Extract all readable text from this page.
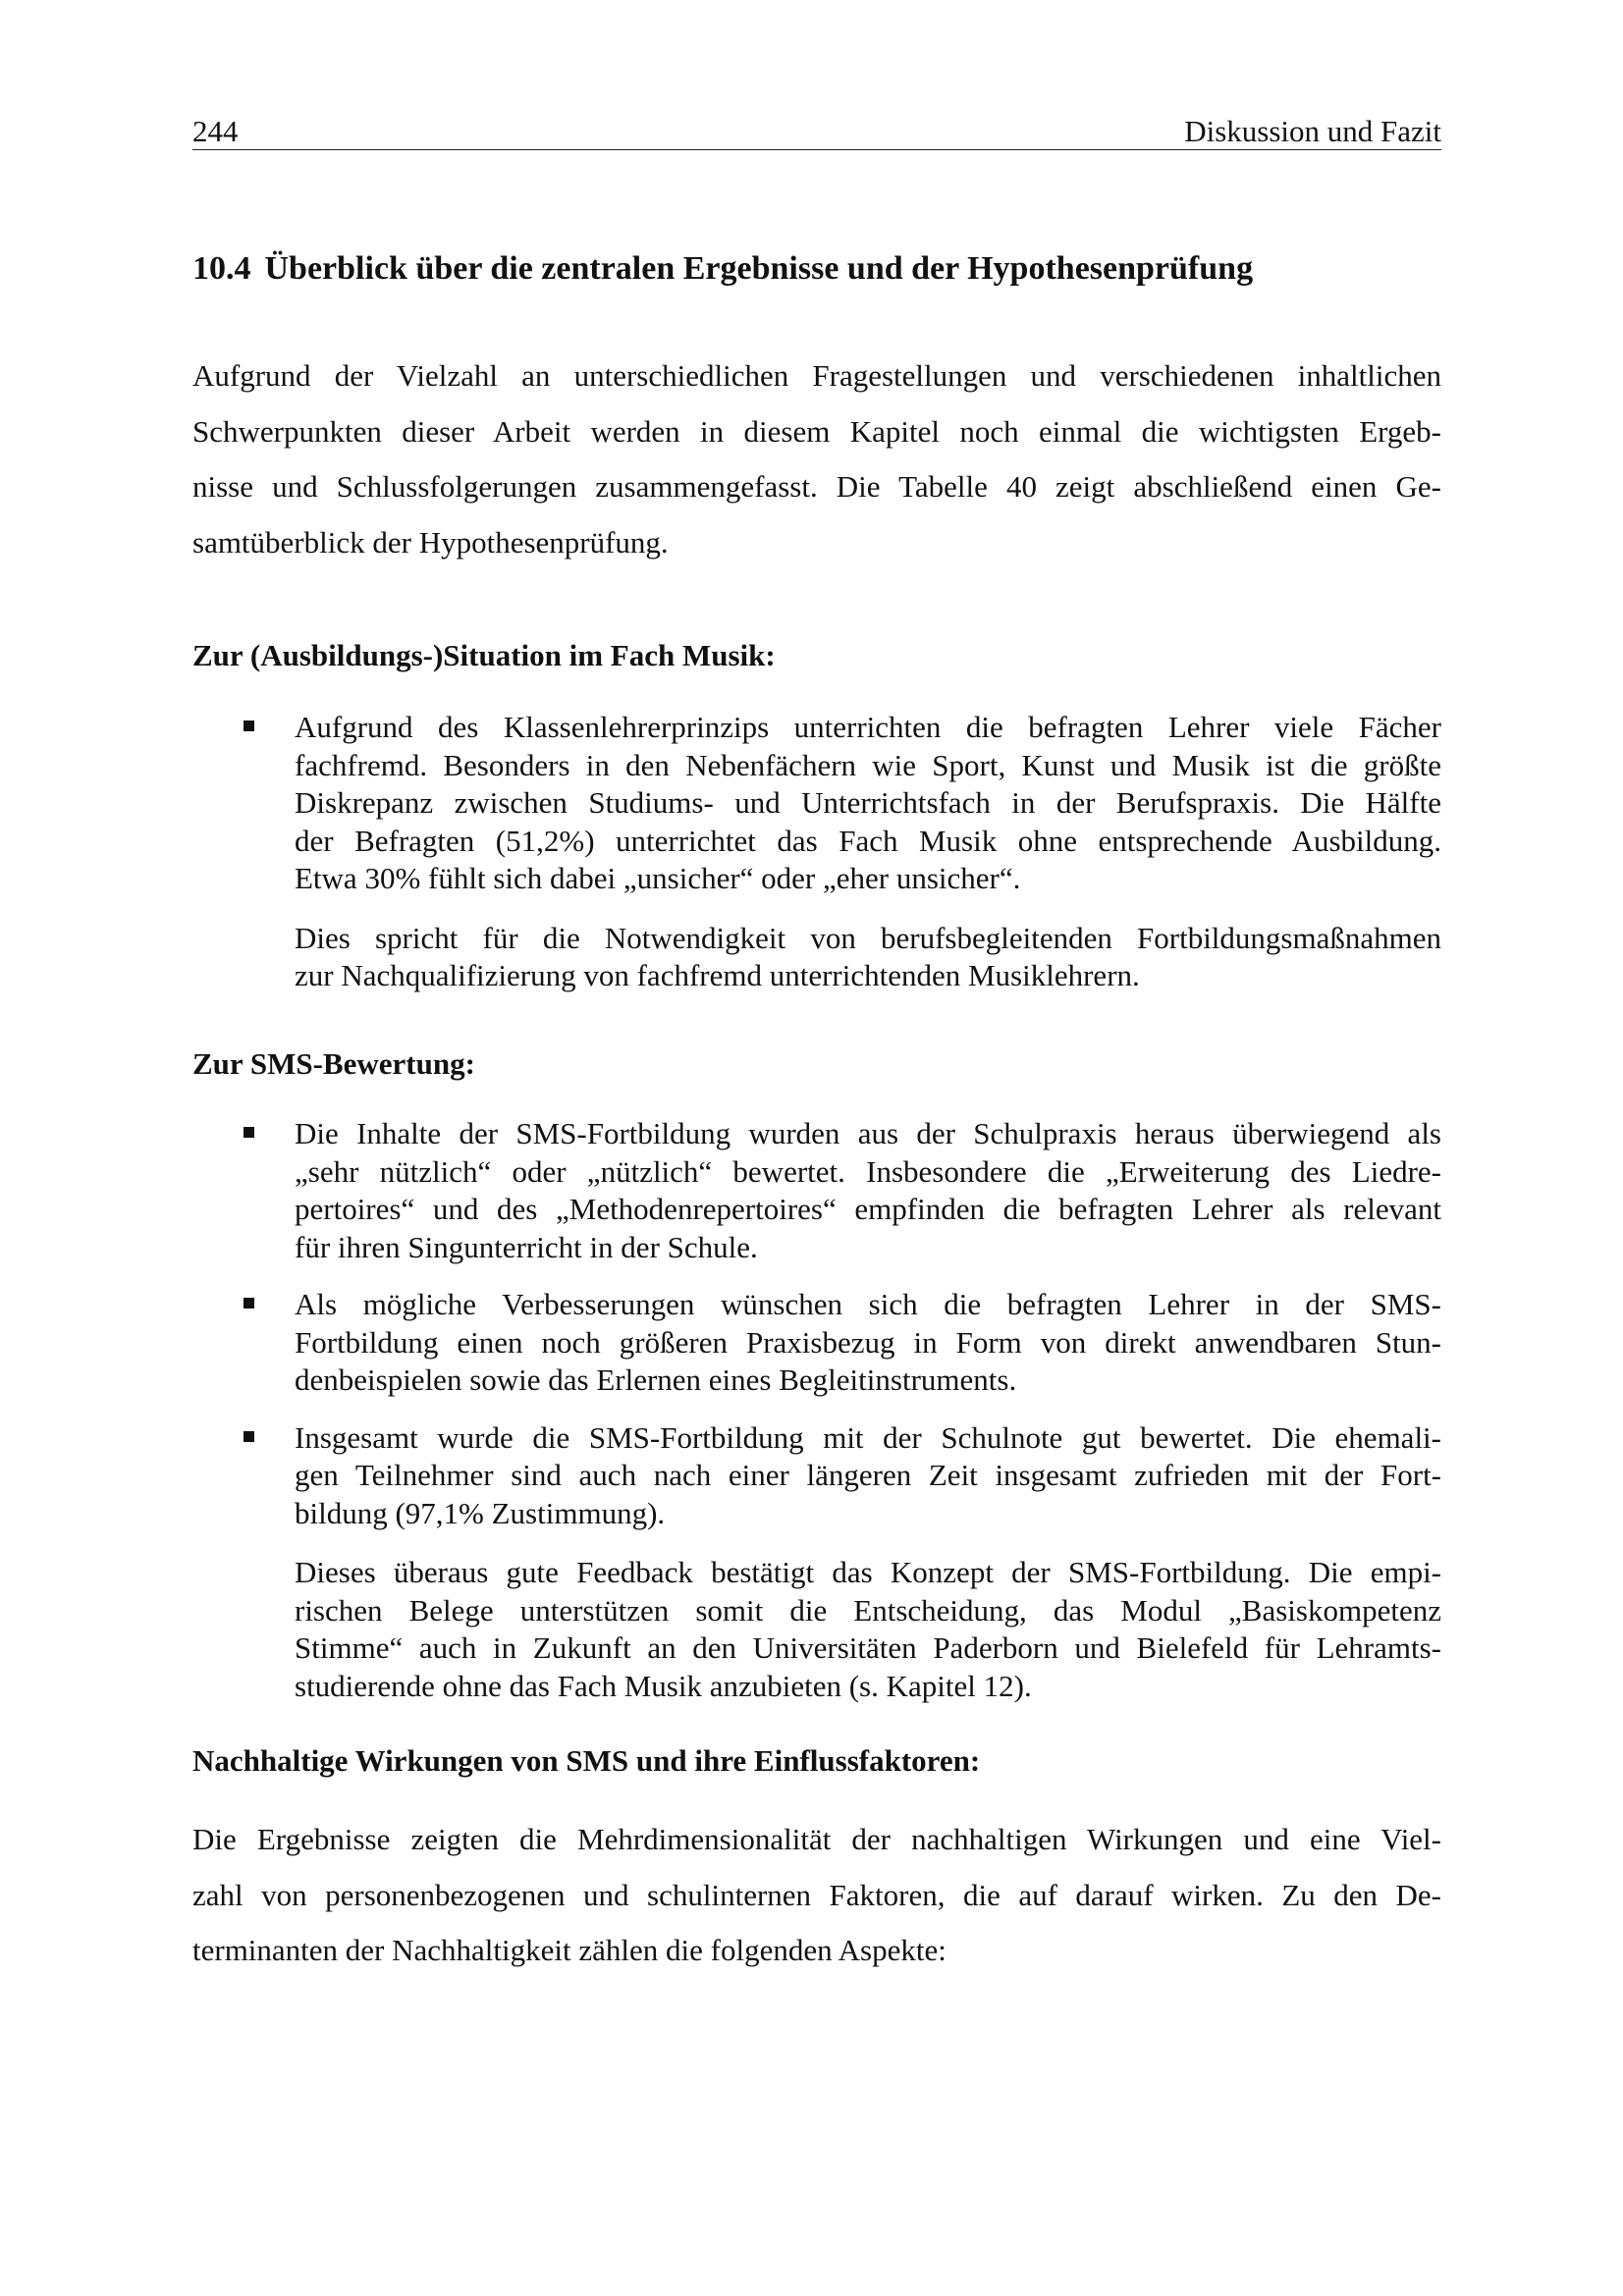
244	Diskussion und Fazit
10.4 Überblick über die zentralen Ergebnisse und der Hypothesenprüfung
Aufgrund der Vielzahl an unterschiedlichen Fragestellungen und verschiedenen inhaltlichen
Schwerpunkten dieser Arbeit werden in diesem Kapitel noch einmal die wichtigsten Ergeb-
nisse und Schlussfolgerungen zusammengefasst. Die Tabelle 40 zeigt abschließend einen Ge-
samtüberblick der Hypothesenprüfung.
Zur (Ausbildungs-)Situation im Fach Musik:
Aufgrund des Klassenlehrerprinzips unterrichten die befragten Lehrer viele Fächer
fachfremd. Besonders in den Nebenfächern wie Sport, Kunst und Musik ist die größte
Diskrepanz zwischen Studiums- und Unterrichtsfach in der Berufspraxis. Die Hälfte
der Befragten (51,2%) unterrichtet das Fach Musik ohne entsprechende Ausbildung.
Etwa 30% fühlt sich dabei „unsicher“ oder „eher unsicher“.
Dies spricht für die Notwendigkeit von berufsbegleitenden Fortbildungsmaßnahmen
zur Nachqualifizierung von fachfremd unterrichtenden Musiklehrern.
Zur SMS-Bewertung:
Die Inhalte der SMS-Fortbildung wurden aus der Schulpraxis heraus überwiegend als
„sehr nützlich“ oder „nützlich“ bewertet. Insbesondere die „Erweiterung des Liedre-
pertoires“ und des „Methodenrepertoires“ empfinden die befragten Lehrer als relevant
für ihren Singunterricht in der Schule.
Als mögliche Verbesserungen wünschen sich die befragten Lehrer in der SMS-
Fortbildung einen noch größeren Praxisbezug in Form von direkt anwendbaren Stun-
denbeispielen sowie das Erlernen eines Begleitinstruments.
Insgesamt wurde die SMS-Fortbildung mit der Schulnote gut bewertet. Die ehemali-
gen Teilnehmer sind auch nach einer längeren Zeit insgesamt zufrieden mit der Fort-
bildung (97,1% Zustimmung).
Dieses überaus gute Feedback bestätigt das Konzept der SMS-Fortbildung. Die empi-
rischen Belege unterstützen somit die Entscheidung, das Modul „Basiskompetenz
Stimme“ auch in Zukunft an den Universitäten Paderborn und Bielefeld für Lehramts-
studierende ohne das Fach Musik anzubieten (s. Kapitel 12).
Nachhaltige Wirkungen von SMS und ihre Einflussfaktoren:
Die Ergebnisse zeigten die Mehrdimensionalität der nachhaltigen Wirkungen und eine Viel-
zahl von personenbezogenen und schulinternen Faktoren, die auf darauf wirken. Zu den De-
terminanten der Nachhaltigkeit zählen die folgenden Aspekte:
